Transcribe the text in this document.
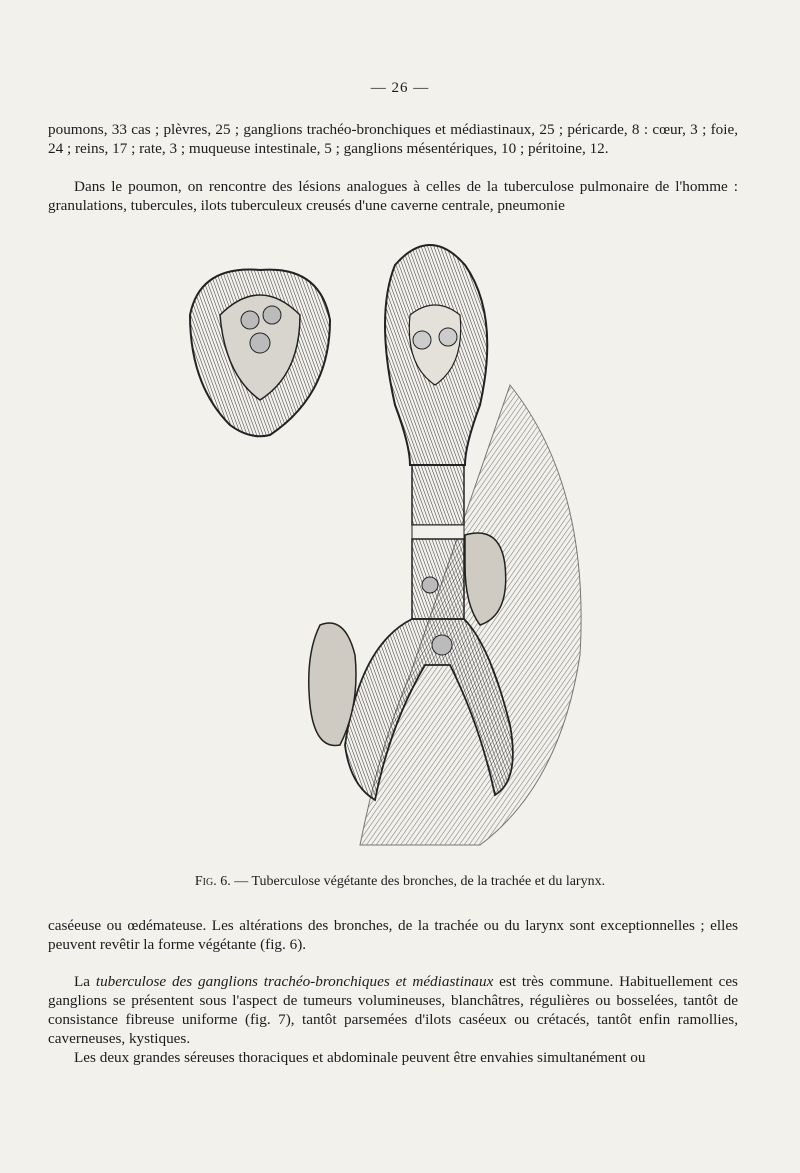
— 26 —

poumons, 33 cas ; plèvres, 25 ; ganglions trachéo-bronchiques et médiastinaux, 25 ; péricarde, 8 : cœur, 3 ; foie, 24 ; reins, 17 ; rate, 3 ; muqueuse intestinale, 5 ; ganglions mésentériques, 10 ; péritoine, 12.

Dans le poumon, on rencontre des lésions analogues à celles de la tuberculose pulmonaire de l'homme : granulations, tubercules, ilots tuberculeux creusés d'une caverne centrale, pneumonie

Fig. 6. — Tuberculose végétante des bronches, de la trachée et du larynx.

caséeuse ou œdémateuse. Les altérations des bronches, de la trachée ou du larynx sont exceptionnelles ; elles peuvent revêtir la forme végétante (fig. 6).

La tuberculose des ganglions trachéo-bronchiques et médiastinaux est très commune. Habituellement ces ganglions se présentent sous l'aspect de tumeurs volumineuses, blanchâtres, régulières ou bosselées, tantôt de consistance fibreuse uniforme (fig. 7), tantôt parsemées d'ilots caséeux ou crétacés, tantôt enfin ramollies, caverneuses, kystiques.

Les deux grandes séreuses thoraciques et abdominale peuvent être envahies simultanément ou
